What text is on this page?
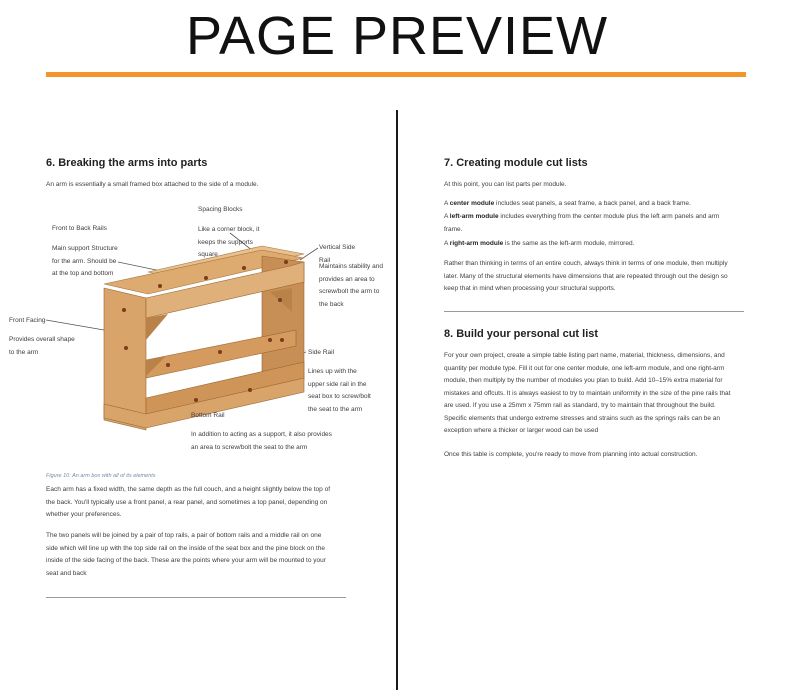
PAGE PREVIEW
6. Breaking the arms into parts

An arm is essentially a small framed box attached to the side of a module.

Spacing Blocks
Like a corner block, it
keeps the supports
square
Front to Back Rails
Main support Structure
for the arm. Should be
at the top and bottom
Vertical Side Rail
Maintains stability and
provides an area to
screw/bolt the arm to
the back
Front Facing
Provides overall shape
to the arm	Side Rail
Lines up with the
upper side rail in the
seat box to screw/bolt
the seat to the arm
Bottom Rail
In addition to acting as a support, it also provides
an area to screw/bolt the seat to the arm

Figure 10: An arm box with all of its elements

Each arm has a fixed width, the same depth as the full couch, and a height slightly below the top of
the back. You'll typically use a front panel, a rear panel, and sometimes a top panel, depending on
whether your preferences.
The two panels will be joined by a pair of top rails, a pair of bottom rails and a middle rail on one
side which will line up with the top side rail on the inside of the seat box and the pine block on the
inside of the side facing of the back. These are the points where your arm will be mounted to your
seat and back
7. Creating module cut lists

At this point, you can list parts per module.

A center module includes seat panels, a seat frame, a back panel, and a back frame.
A left-arm module includes everything from the center module plus the left arm panels and arm
frame.
A right-arm module is the same as the left-arm module, mirrored.
Rather than thinking in terms of an entire couch, always think in terms of one module, then multiply
later. Many of the structural elements have dimensions that are repeated through out the design so
keep that in mind when processing your structural supports.
8. Build your personal cut list
For your own project, create a simple table listing part name, material, thickness, dimensions, and
quantity per module type. Fill it out for one center module, one left-arm module, and one right-arm
module, then multiply by the number of modules you plan to build. Add 10–15% extra material for
mistakes and offcuts. It is always easiest to try to maintain uniformity in the size of the pine rails that
are used. If you use a 25mm x 75mm rail as standard, try to maintain that throughout the build.
Specific elements that undergo extreme stresses and strains such as the springs rails can be an
exception where a thicker or larger wood can be used

Once this table is complete, you're ready to move from planning into actual construction.
